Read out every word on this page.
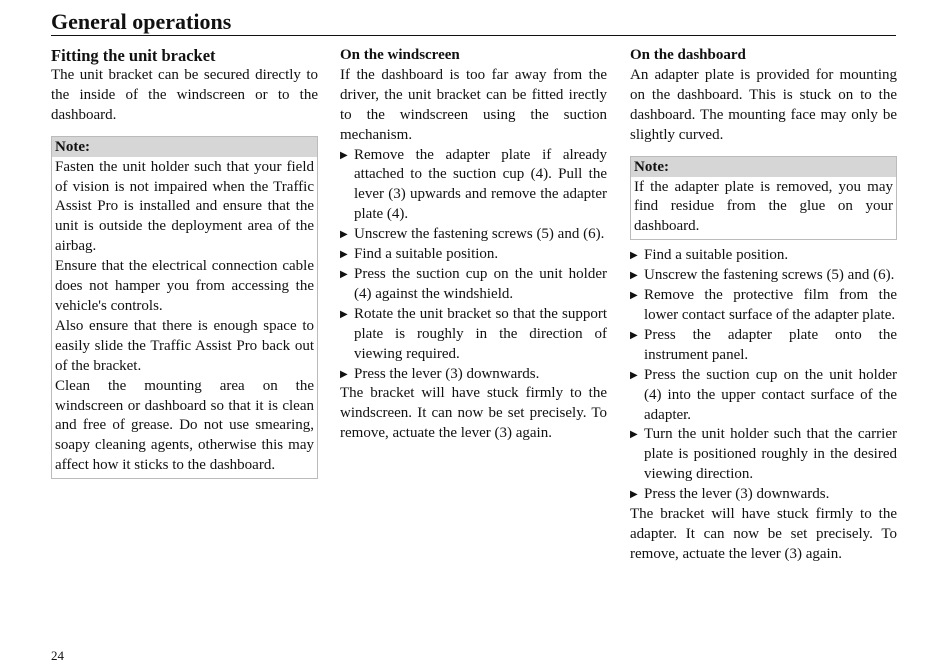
General operations
Fitting the unit bracket

The unit bracket can be secured directly to the inside of the windscreen or to the dashboard.

Note:

Fasten the unit holder such that your field of vision is not impaired when the Traffic Assist Pro is installed and ensure that the unit is outside the deployment area of the airbag.

Ensure that the electrical connection cable does not hamper you from accessing the vehicle's controls.

Also ensure that there is enough space to easily slide the Traffic Assist Pro back out of the bracket.

Clean the mounting area on the windscreen or dashboard so that it is clean and free of grease. Do not use smearing, soapy cleaning agents, otherwise this may affect how it sticks to the dashboard.

On the windscreen

If the dashboard is too far away from the driver, the unit bracket can be fitted irectly to the windscreen using the suction mechanism.

▶ Remove the adapter plate if already attached to the suction cup (4). Pull the lever (3) upwards and remove the adapter plate (4).
▶ Unscrew the fastening screws (5) and (6).
▶ Find a suitable position.
▶ Press the suction cup on the unit holder (4) against the windshield.
▶ Rotate the unit bracket so that the support plate is roughly in the direction of viewing required.
▶ Press the lever (3) downwards.

The bracket will have stuck firmly to the windscreen. It can now be set precisely. To remove, actuate the lever (3) again.

On the dashboard

An adapter plate is provided for mounting on the dashboard. This is stuck on to the dashboard. The mounting face may only be slightly curved.

Note:

If the adapter plate is removed, you may find residue from the glue on your dashboard.

▶ Find a suitable position.
▶ Unscrew the fastening screws (5) and (6).
▶ Remove the protective film from the lower contact surface of the adapter plate.
▶ Press the adapter plate onto the instrument panel.
▶ Press the suction cup on the unit holder (4) into the upper contact surface of the adapter.
▶ Turn the unit holder such that the carrier plate is positioned roughly in the desired viewing direction.
▶ Press the lever (3) downwards.

The bracket will have stuck firmly to the adapter. It can now be set precisely. To remove, actuate the lever (3) again.

24
